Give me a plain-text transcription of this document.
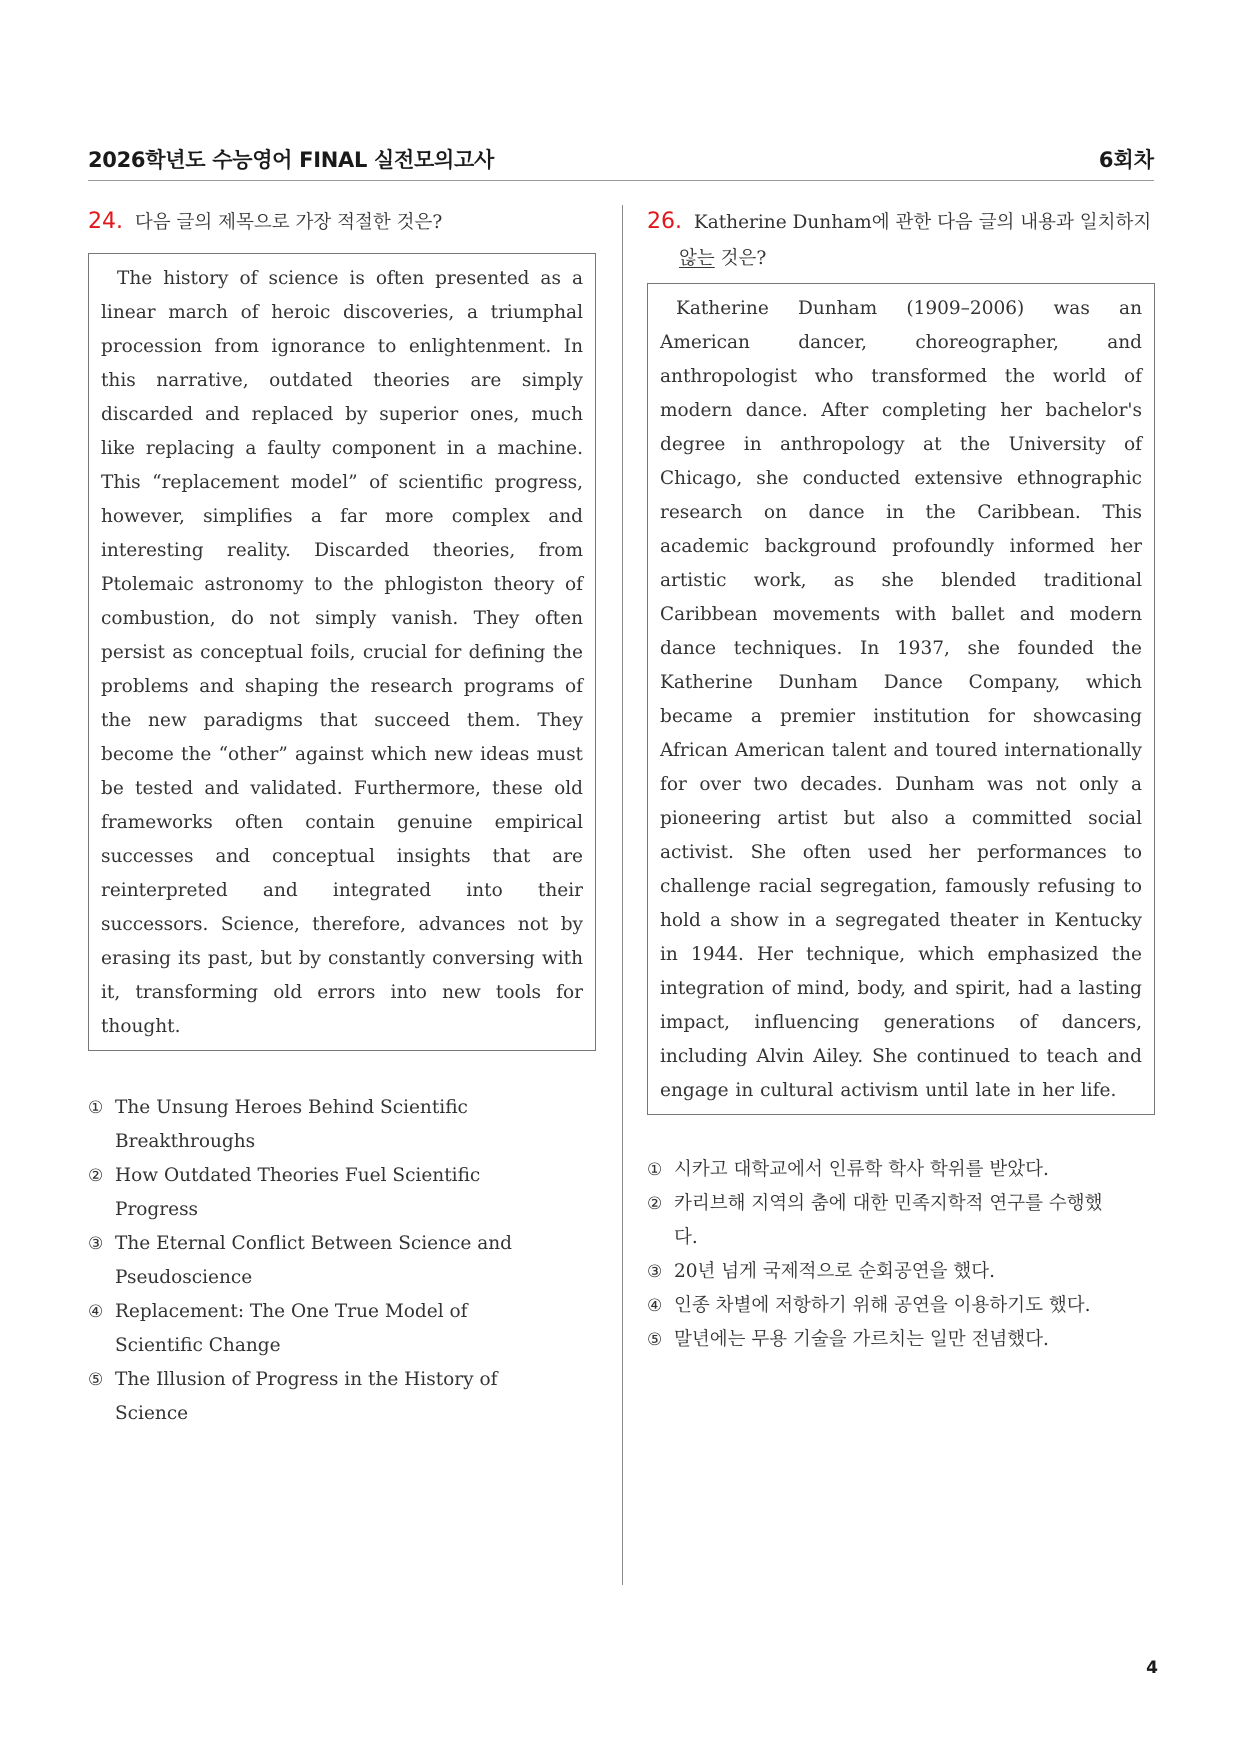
2026학년도 수능영어 FINAL 실전모의고사	6회차
24. 다음 글의 제목으로 가장 적절한 것은?
The history of science is often presented as a linear march of heroic discoveries, a triumphal procession from ignorance to enlightenment. In this narrative, outdated theories are simply discarded and replaced by superior ones, much like replacing a faulty component in a machine. This “replacement model” of scientific progress, however, simplifies a far more complex and interesting reality. Discarded theories, from Ptolemaic astronomy to the phlogiston theory of combustion, do not simply vanish. They often persist as conceptual foils, crucial for defining the problems and shaping the research programs of the new paradigms that succeed them. They become the “other” against which new ideas must be tested and validated. Furthermore, these old frameworks often contain genuine empirical successes and conceptual insights that are reinterpreted and integrated into their successors. Science, therefore, advances not by erasing its past, but by constantly conversing with it, transforming old errors into new tools for thought.
① The Unsung Heroes Behind Scientific Breakthroughs
② How Outdated Theories Fuel Scientific Progress
③ The Eternal Conflict Between Science and Pseudoscience
④ Replacement: The One True Model of Scientific Change
⑤ The Illusion of Progress in the History of Science
26. Katherine Dunham에 관한 다음 글의 내용과 일치하지
않는 것은?
Katherine Dunham (1909–2006) was an American dancer, choreographer, and anthropologist who transformed the world of modern dance. After completing her bachelor's degree in anthropology at the University of Chicago, she conducted extensive ethnographic research on dance in the Caribbean. This academic background profoundly informed her artistic work, as she blended traditional Caribbean movements with ballet and modern dance techniques. In 1937, she founded the Katherine Dunham Dance Company, which became a premier institution for showcasing African American talent and toured internationally for over two decades. Dunham was not only a pioneering artist but also a committed social activist. She often used her performances to challenge racial segregation, famously refusing to hold a show in a segregated theater in Kentucky in 1944. Her technique, which emphasized the integration of mind, body, and spirit, had a lasting impact, influencing generations of dancers, including Alvin Ailey. She continued to teach and engage in cultural activism until late in her life.
① 시카고 대학교에서 인류학 학사 학위를 받았다.
② 카리브해 지역의 춤에 대한 민족지학적 연구를 수행했다.
③ 20년 넘게 국제적으로 순회공연을 했다.
④ 인종 차별에 저항하기 위해 공연을 이용하기도 했다.
⑤ 말년에는 무용 기술을 가르치는 일만 전념했다.
4
